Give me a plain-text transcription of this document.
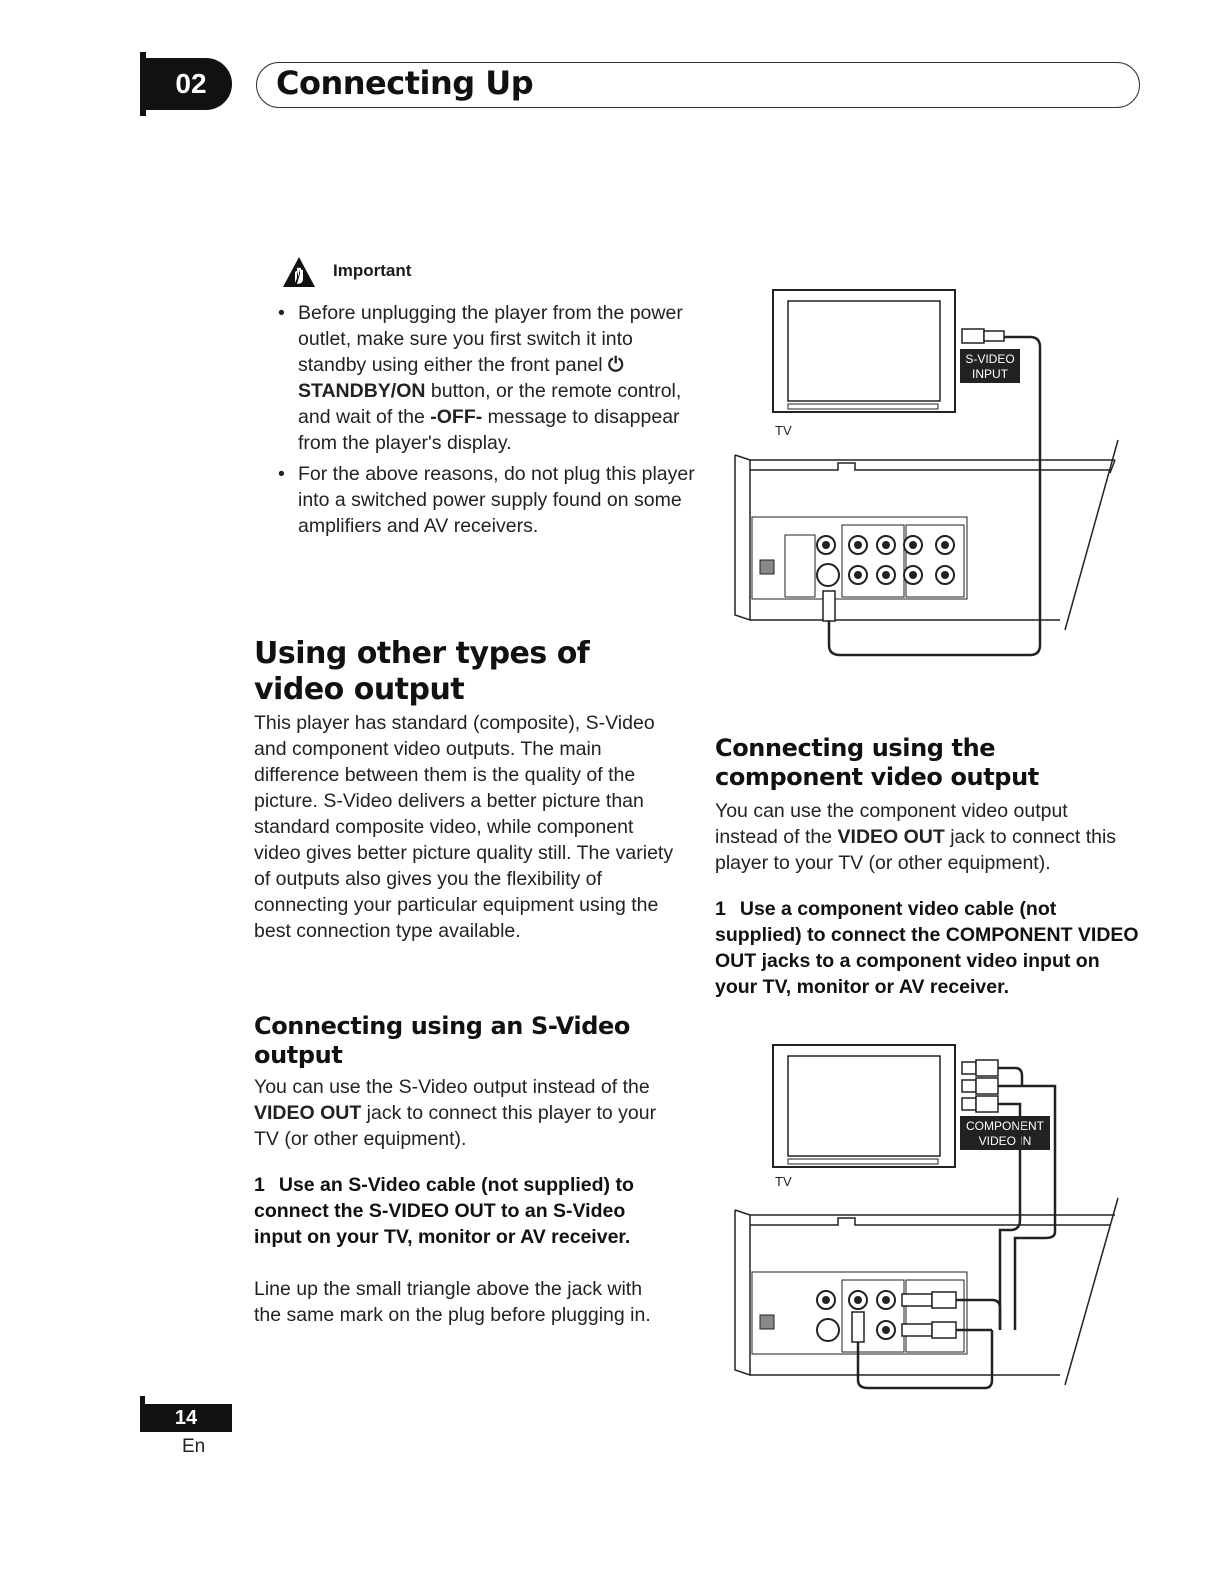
02	Connecting Up
Important
• Before unplugging the player from the power outlet, make sure you first switch it into standby using either the front panel ⏻ STANDBY/ON button, or the remote control, and wait of the -OFF- message to disappear from the player's display.
• For the above reasons, do not plug this player into a switched power supply found on some amplifiers and AV receivers.
Using other types of video output
This player has standard (composite), S-Video and component video outputs. The main difference between them is the quality of the picture. S-Video delivers a better picture than standard composite video, while component video gives better picture quality still. The variety of outputs also gives you the flexibility of connecting your particular equipment using the best connection type available.
Connecting using an S-Video output
You can use the S-Video output instead of the VIDEO OUT jack to connect this player to your TV (or other equipment).
1 Use an S-Video cable (not supplied) to connect the S-VIDEO OUT to an S-Video input on your TV, monitor or AV receiver.
Line up the small triangle above the jack with the same mark on the plug before plugging in.
Connecting using the component video output
You can use the component video output instead of the VIDEO OUT jack to connect this player to your TV (or other equipment).
1 Use a component video cable (not supplied) to connect the COMPONENT VIDEO OUT jacks to a component video input on your TV, monitor or AV receiver.
TV
S-VIDEO
INPUT
TV
COMPONENT
VIDEO IN
14
En
